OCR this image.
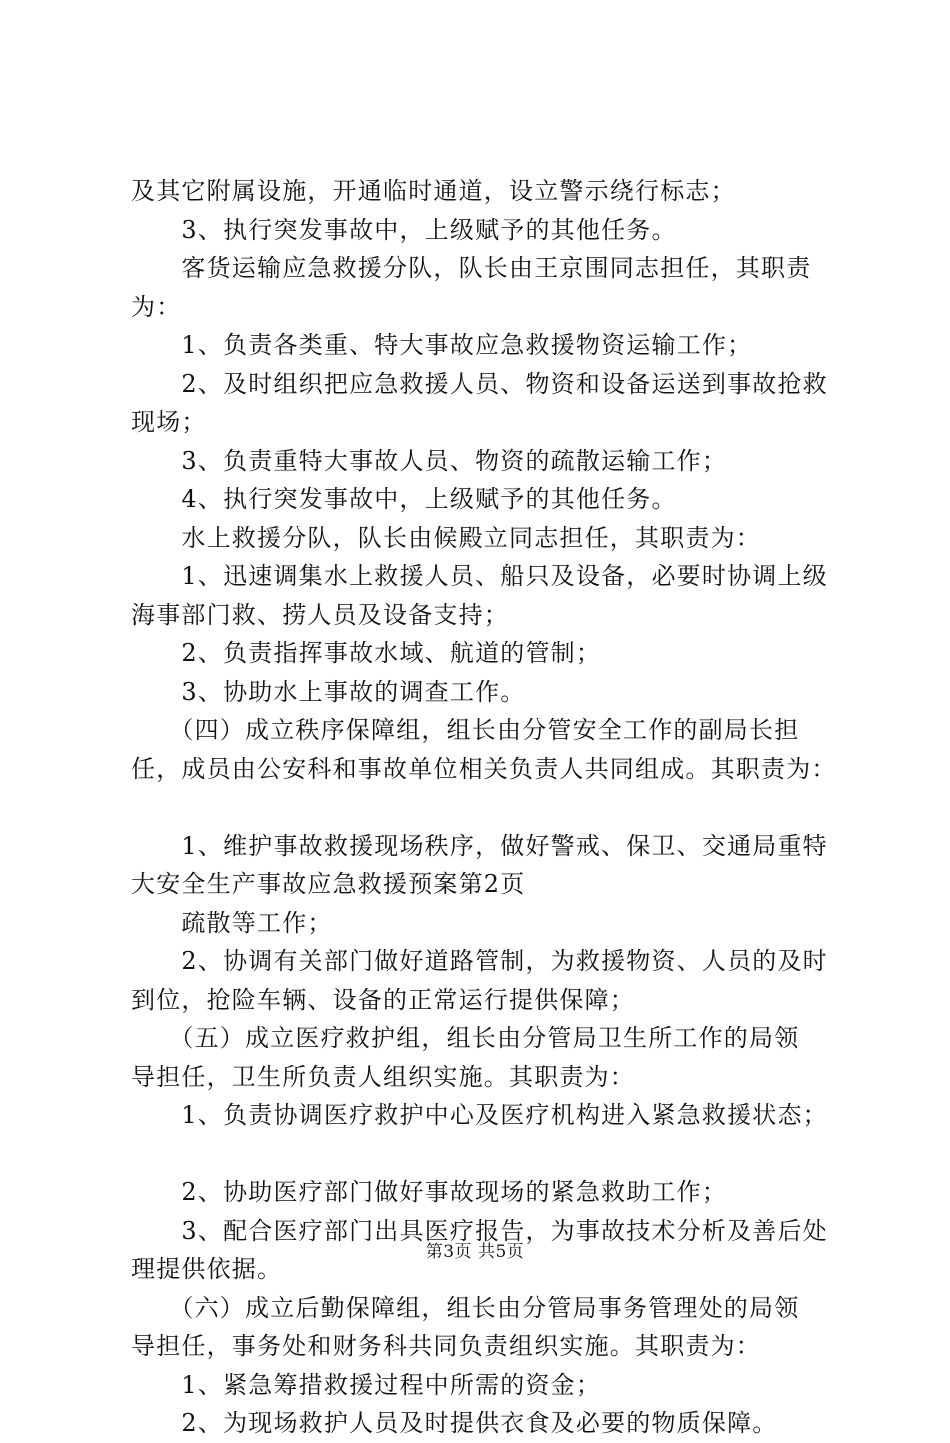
及其它附属设施，开通临时通道，设立警示绕行标志；
　　3、执行突发事故中，上级赋予的其他任务。
　　客货运输应急救援分队，队长由王京围同志担任，其职责
为：
　　1、负责各类重、特大事故应急救援物资运输工作；
　　2、及时组织把应急救援人员、物资和设备运送到事故抢救
现场；
　　3、负责重特大事故人员、物资的疏散运输工作；
　　4、执行突发事故中，上级赋予的其他任务。
　　水上救援分队，队长由候殿立同志担任，其职责为：
　　1、迅速调集水上救援人员、船只及设备，必要时协调上级
海事部门救、捞人员及设备支持；
　　2、负责指挥事故水域、航道的管制；
　　3、协助水上事故的调查工作。
　　（四）成立秩序保障组，组长由分管安全工作的副局长担
任，成员由公安科和事故单位相关负责人共同组成。其职责为：
　　1、维护事故救援现场秩序，做好警戒、保卫、交通局重特
大安全生产事故应急救援预案第2页
　　疏散等工作；
　　2、协调有关部门做好道路管制，为救援物资、人员的及时
到位，抢险车辆、设备的正常运行提供保障；
　　（五）成立医疗救护组，组长由分管局卫生所工作的局领
导担任，卫生所负责人组织实施。其职责为：
　　1、负责协调医疗救护中心及医疗机构进入紧急救援状态；
　　2、协助医疗部门做好事故现场的紧急救助工作；
　　3、配合医疗部门出具医疗报告，为事故技术分析及善后处
理提供依据。
　　（六）成立后勤保障组，组长由分管局事务管理处的局领
导担任，事务处和财务科共同负责组织实施。其职责为：
　　1、紧急筹措救援过程中所需的资金；
　　2、为现场救护人员及时提供衣食及必要的物质保障。
第3页 共5页
